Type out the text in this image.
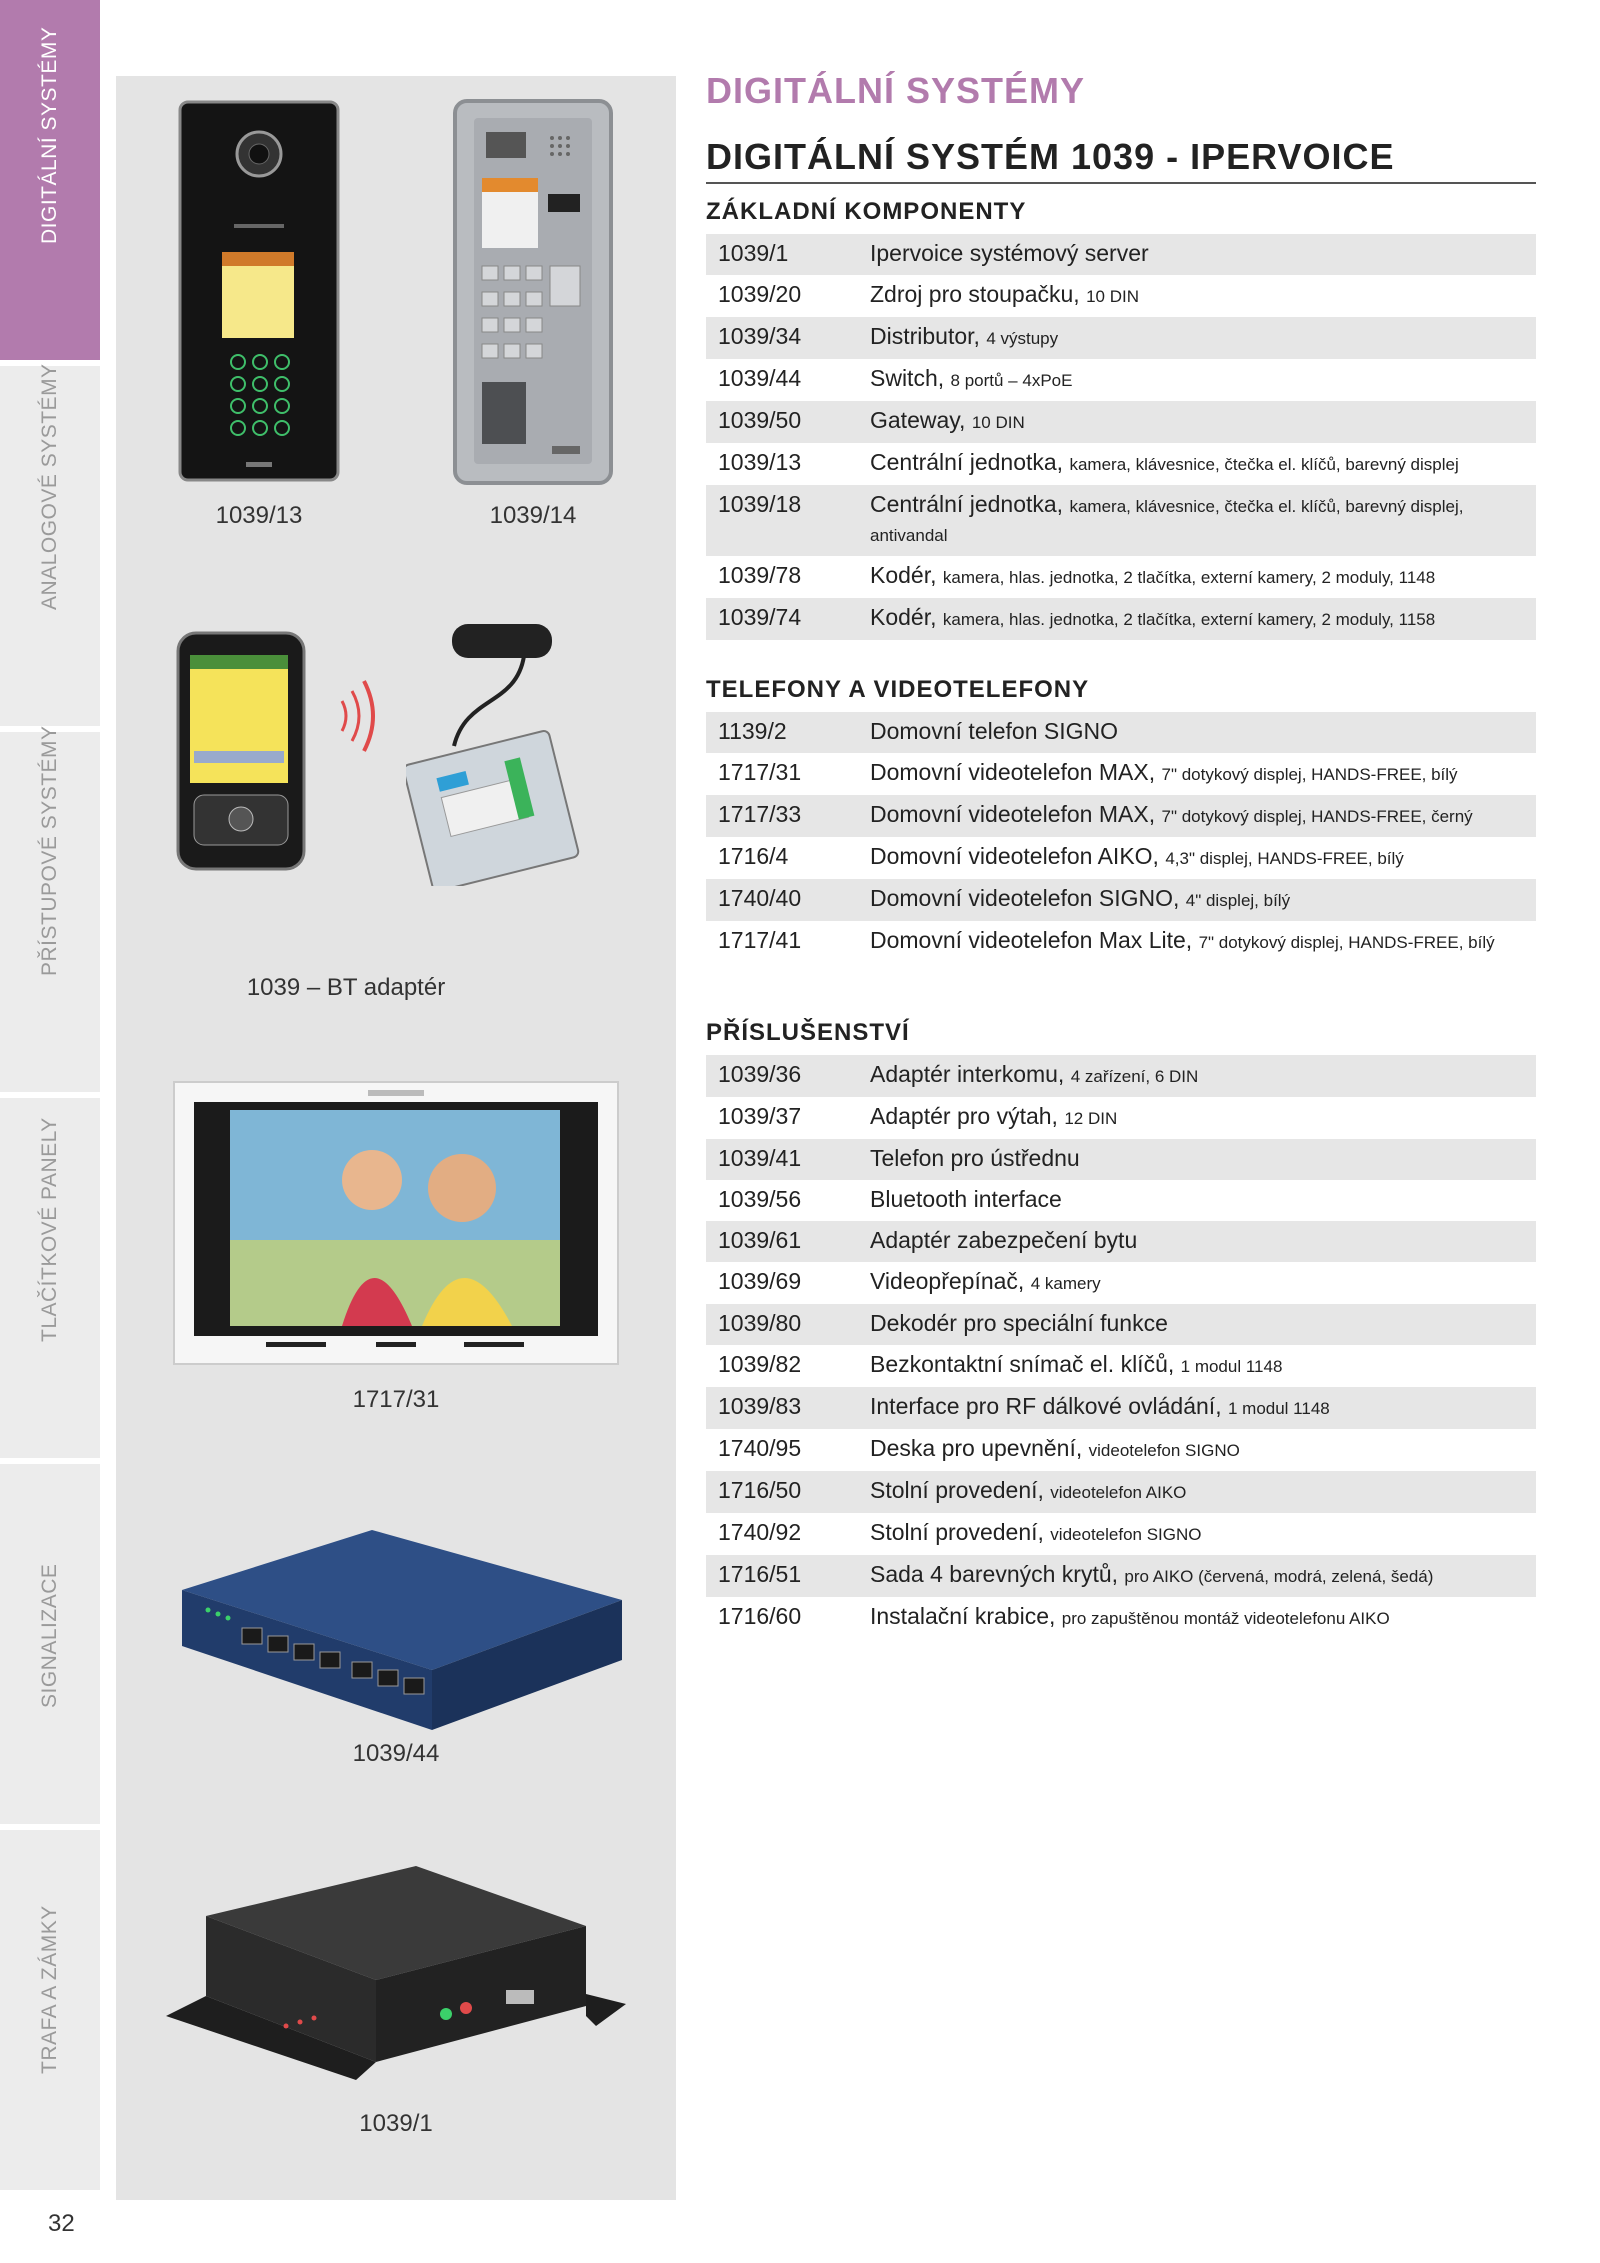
DIGITÁLNÍ SYSTÉMY
ANALOGOVÉ SYSTÉMY
PŘÍSTUPOVÉ SYSTÉMY
TLAČÍTKOVÉ PANELY
SIGNALIZACE
TRAFA A ZÁMKY
32
1039/13	1039/14
1039 – BT adaptér
1717/31
1039/44
1039/1
DIGITÁLNÍ SYSTÉMY
DIGITÁLNÍ SYSTÉM 1039 - IPERVOICE
ZÁKLADNÍ KOMPONENTY
1039/1	Ipervoice systémový server
1039/20	Zdroj pro stoupačku, 10 DIN
1039/34	Distributor, 4 výstupy
1039/44	Switch, 8 portů – 4xPoE
1039/50	Gateway, 10 DIN
1039/13	Centrální jednotka, kamera, klávesnice, čtečka el. klíčů, barevný displej
1039/18	Centrální jednotka, kamera, klávesnice, čtečka el. klíčů, barevný displej, antivandal
1039/78	Kodér, kamera, hlas. jednotka, 2 tlačítka, externí kamery, 2 moduly, 1148
1039/74	Kodér, kamera, hlas. jednotka, 2 tlačítka, externí kamery, 2 moduly, 1158
TELEFONY A VIDEOTELEFONY
1139/2	Domovní telefon SIGNO
1717/31	Domovní videotelefon MAX, 7" dotykový displej, HANDS-FREE, bílý
1717/33	Domovní videotelefon MAX, 7" dotykový displej, HANDS-FREE, černý
1716/4	Domovní videotelefon AIKO, 4,3" displej, HANDS-FREE, bílý
1740/40	Domovní videotelefon SIGNO, 4" displej, bílý
1717/41	Domovní videotelefon Max Lite, 7" dotykový displej, HANDS-FREE, bílý
PŘÍSLUŠENSTVÍ
1039/36	Adaptér interkomu, 4 zařízení, 6 DIN
1039/37	Adaptér pro výtah, 12 DIN
1039/41	Telefon pro ústřednu
1039/56	Bluetooth interface
1039/61	Adaptér zabezpečení bytu
1039/69	Videopřepínač, 4 kamery
1039/80	Dekodér pro speciální funkce
1039/82	Bezkontaktní snímač el. klíčů, 1 modul 1148
1039/83	Interface pro RF dálkové ovládání, 1 modul 1148
1740/95	Deska pro upevnění, videotelefon SIGNO
1716/50	Stolní provedení, videotelefon AIKO
1740/92	Stolní provedení, videotelefon SIGNO
1716/51	Sada 4 barevných krytů, pro AIKO (červená, modrá, zelená, šedá)
1716/60	Instalační krabice, pro zapuštěnou montáž videotelefonu AIKO
